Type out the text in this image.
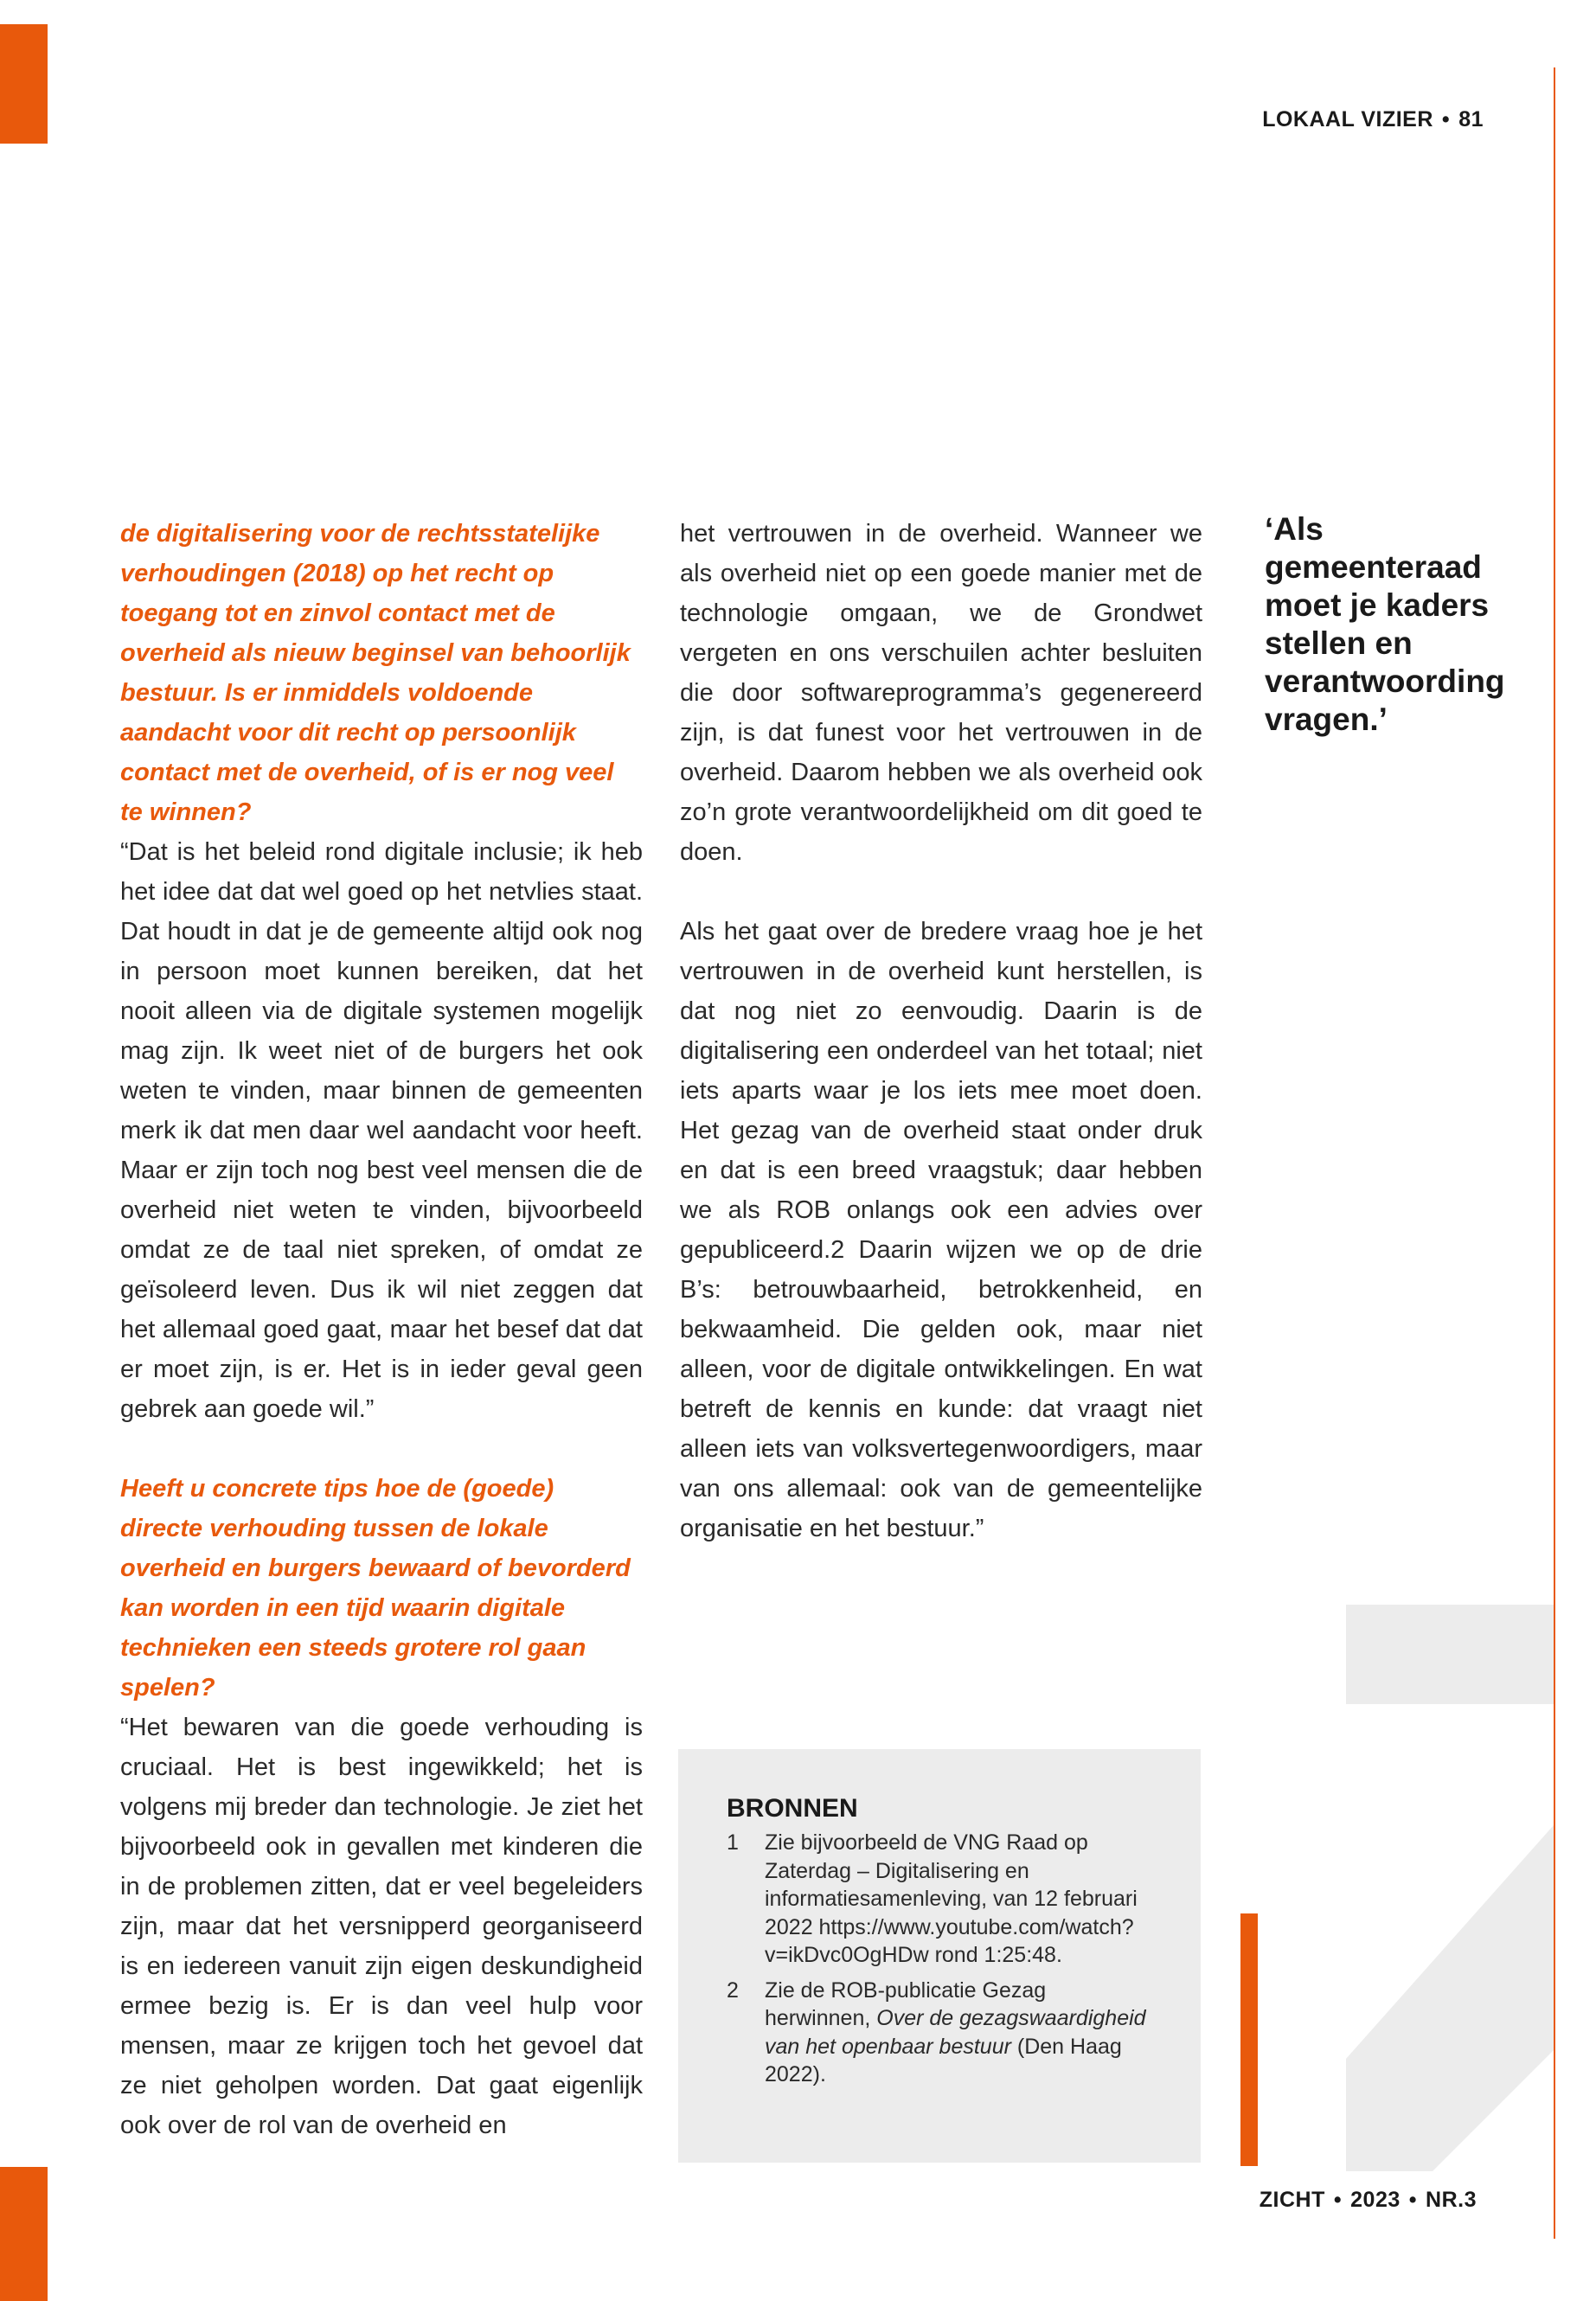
LOKAAL VIZIER • 81

de digitalisering voor de rechtsstatelijke verhoudingen (2018) op het recht op toegang tot en zinvol contact met de overheid als nieuw beginsel van behoorlijk bestuur. Is er inmiddels voldoende aandacht voor dit recht op persoonlijk contact met de overheid, of is er nog veel te winnen?

“Dat is het beleid rond digitale inclusie; ik heb het idee dat dat wel goed op het netvlies staat. Dat houdt in dat je de gemeente altijd ook nog in persoon moet kunnen bereiken, dat het nooit alleen via de digitale systemen mogelijk mag zijn. Ik weet niet of de burgers het ook weten te vinden, maar binnen de gemeenten merk ik dat men daar wel aandacht voor heeft. Maar er zijn toch nog best veel mensen die de overheid niet weten te vinden, bijvoorbeeld omdat ze de taal niet spreken, of omdat ze geïsoleerd leven. Dus ik wil niet zeggen dat het allemaal goed gaat, maar het besef dat dat er moet zijn, is er. Het is in ieder geval geen gebrek aan goede wil.”

Heeft u concrete tips hoe de (goede) directe verhouding tussen de lokale overheid en burgers bewaard of bevorderd kan worden in een tijd waarin digitale technieken een steeds grotere rol gaan spelen?

“Het bewaren van die goede verhouding is cruciaal. Het is best ingewikkeld; het is volgens mij breder dan technologie. Je ziet het bijvoorbeeld ook in gevallen met kinderen die in de problemen zitten, dat er veel begeleiders zijn, maar dat het versnipperd georganiseerd is en iedereen vanuit zijn eigen deskundigheid ermee bezig is. Er is dan veel hulp voor mensen, maar ze krijgen toch het gevoel dat ze niet geholpen worden. Dat gaat eigenlijk ook over de rol van de overheid en

het vertrouwen in de overheid. Wanneer we als overheid niet op een goede manier met de technologie omgaan, we de Grondwet vergeten en ons verschuilen achter besluiten die door softwareprogramma’s gegenereerd zijn, is dat funest voor het vertrouwen in de overheid. Daarom hebben we als overheid ook zo’n grote verantwoordelijkheid om dit goed te doen.

Als het gaat over de bredere vraag hoe je het vertrouwen in de overheid kunt herstellen, is dat nog niet zo eenvoudig. Daarin is de digitalisering een onderdeel van het totaal; niet iets aparts waar je los iets mee moet doen. Het gezag van de overheid staat onder druk en dat is een breed vraagstuk; daar hebben we als ROB onlangs ook een advies over gepubliceerd.2 Daarin wijzen we op de drie B’s: betrouwbaarheid, betrokkenheid, en bekwaamheid. Die gelden ook, maar niet alleen, voor de digitale ontwikkelingen. En wat betreft de kennis en kunde: dat vraagt niet alleen iets van volksvertegenwoordigers, maar van ons allemaal: ook van de gemeentelijke organisatie en het bestuur.”

‘Als gemeenteraad moet je kaders stellen en verantwoording vragen.’
BRONNEN
1	Zie bijvoorbeeld de VNG Raad op Zaterdag – Digitalisering en informatiesamenleving, van 12 februari 2022 https://www.youtube.com/watch?v=ikDvc0OgHDw rond 1:25:48.
2	Zie de ROB-publicatie Gezag herwinnen, Over de gezagswaardigheid van het openbaar bestuur (Den Haag 2022).
ZICHT • 2023 • NR.3
